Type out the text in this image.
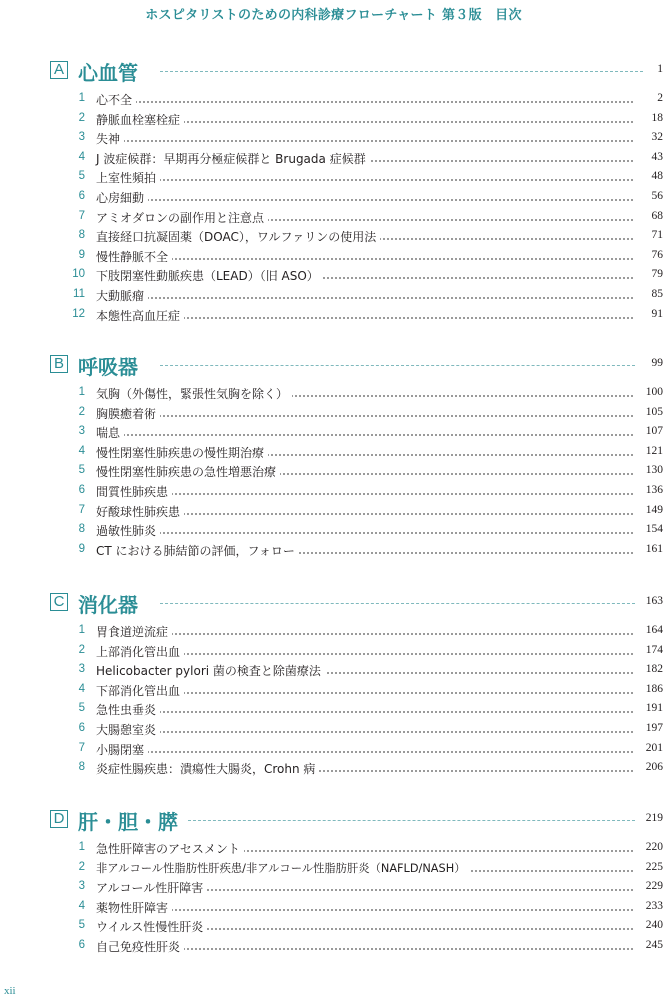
ホスピタリストのための内科診療フローチャート 第３版　目次
A 心血管	1
1 心不全	2
2 静脈血栓塞栓症	18
3 失神	32
4 J 波症候群：早期再分極症候群と Brugada 症候群	43
5 上室性頻拍	48
6 心房細動	56
7 アミオダロンの副作用と注意点	68
8 直接経口抗凝固薬（DOAC），ワルファリンの使用法	71
9 慢性静脈不全	76
10 下肢閉塞性動脈疾患（LEAD）（旧 ASO）	79
11 大動脈瘤	85
12 本態性高血圧症	91
B 呼吸器	99
1 気胸（外傷性，緊張性気胸を除く）	100
2 胸膜癒着術	105
3 喘息	107
4 慢性閉塞性肺疾患の慢性期治療	121
5 慢性閉塞性肺疾患の急性増悪治療	130
6 間質性肺疾患	136
7 好酸球性肺疾患	149
8 過敏性肺炎	154
9 CT における肺結節の評価，フォロー	161
C 消化器	163
1 胃食道逆流症	164
2 上部消化管出血	174
3 Helicobacter pylori 菌の検査と除菌療法	182
4 下部消化管出血	186
5 急性虫垂炎	191
6 大腸憩室炎	197
7 小腸閉塞	201
8 炎症性腸疾患：潰瘍性大腸炎，Crohn 病	206
D 肝・胆・膵	219
1 急性肝障害のアセスメント	220
2 非アルコール性脂肪性肝疾患/非アルコール性脂肪肝炎（NAFLD/NASH）	225
3 アルコール性肝障害	229
4 薬物性肝障害	233
5 ウイルス性慢性肝炎	240
6 自己免疫性肝炎	245
xii
